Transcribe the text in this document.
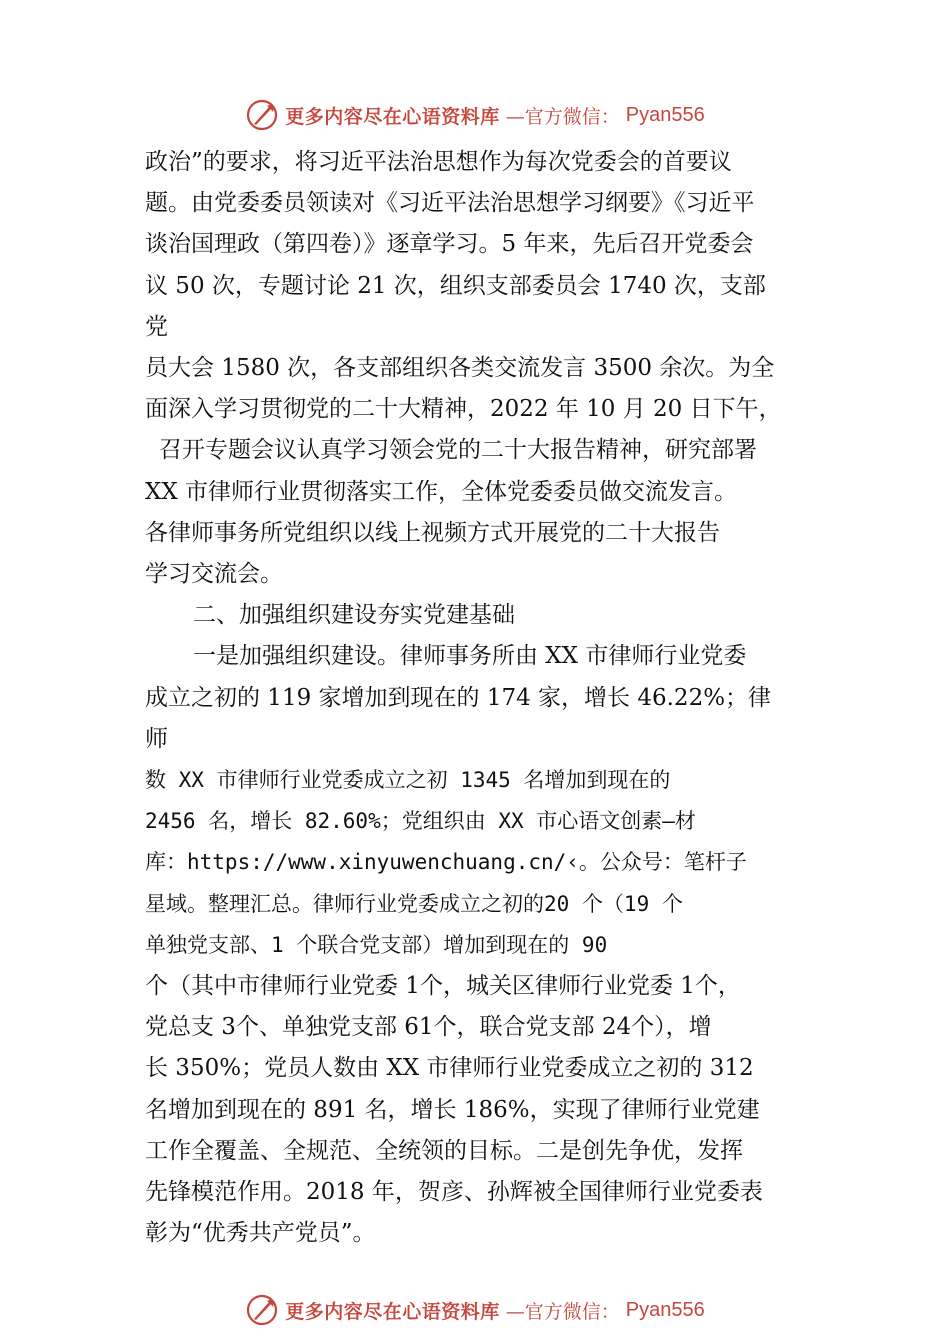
更多内容尽在心语资料库 —官方微信： Pyan556

政治”的要求，将习近平法治思想作为每次党委会的首要议

题。由党委委员领读对《习近平法治思想学习纲要》《习近平

谈治国理政（第四卷）》逐章学习。5 年来，先后召开党委会

议 50 次，专题讨论 21 次，组织支部委员会 1740 次，支部

党

员大会 1580 次，各支部组织各类交流发言 3500 余次。为全

面深入学习贯彻党的二十大精神，2022 年 10 月 20 日下午，

召开专题会议认真学习领会党的二十大报告精神，研究部署

XX 市律师行业贯彻落实工作，全体党委委员做交流发言。

各律师事务所党组织以线上视频方式开展党的二十大报告

学习交流会。

二、加强组织建设夯实党建基础

一是加强组织建设。律师事务所由 XX 市律师行业党委

成立之初的 119 家增加到现在的 174 家，增长 46.22%；律

师

数 XX 市律师行业党委成立之初 1345 名增加到现在的

2456 名，增长 82.60%；党组织由 XX 市心语文创素—材

库：https://www.xinyuwenchuang.cn/‹。公众号：笔杆子

星域。整理汇总。律师行业党委成立之初的20 个（19 个

单独党支部、1 个联合党支部）增加到现在的 90

个（其中市律师行业党委 1个，城关区律师行业党委 1个，

党总支 3个、单独党支部 61个，联合党支部 24个），增

长 350%；党员人数由 XX 市律师行业党委成立之初的 312

名增加到现在的 891 名，增长 186%，实现了律师行业党建

工作全覆盖、全规范、全统领的目标。二是创先争优，发挥

先锋模范作用。2018 年，贺彦、孙辉被全国律师行业党委表

彰为“优秀共产党员”。

更多内容尽在心语资料库 —官方微信： Pyan556
